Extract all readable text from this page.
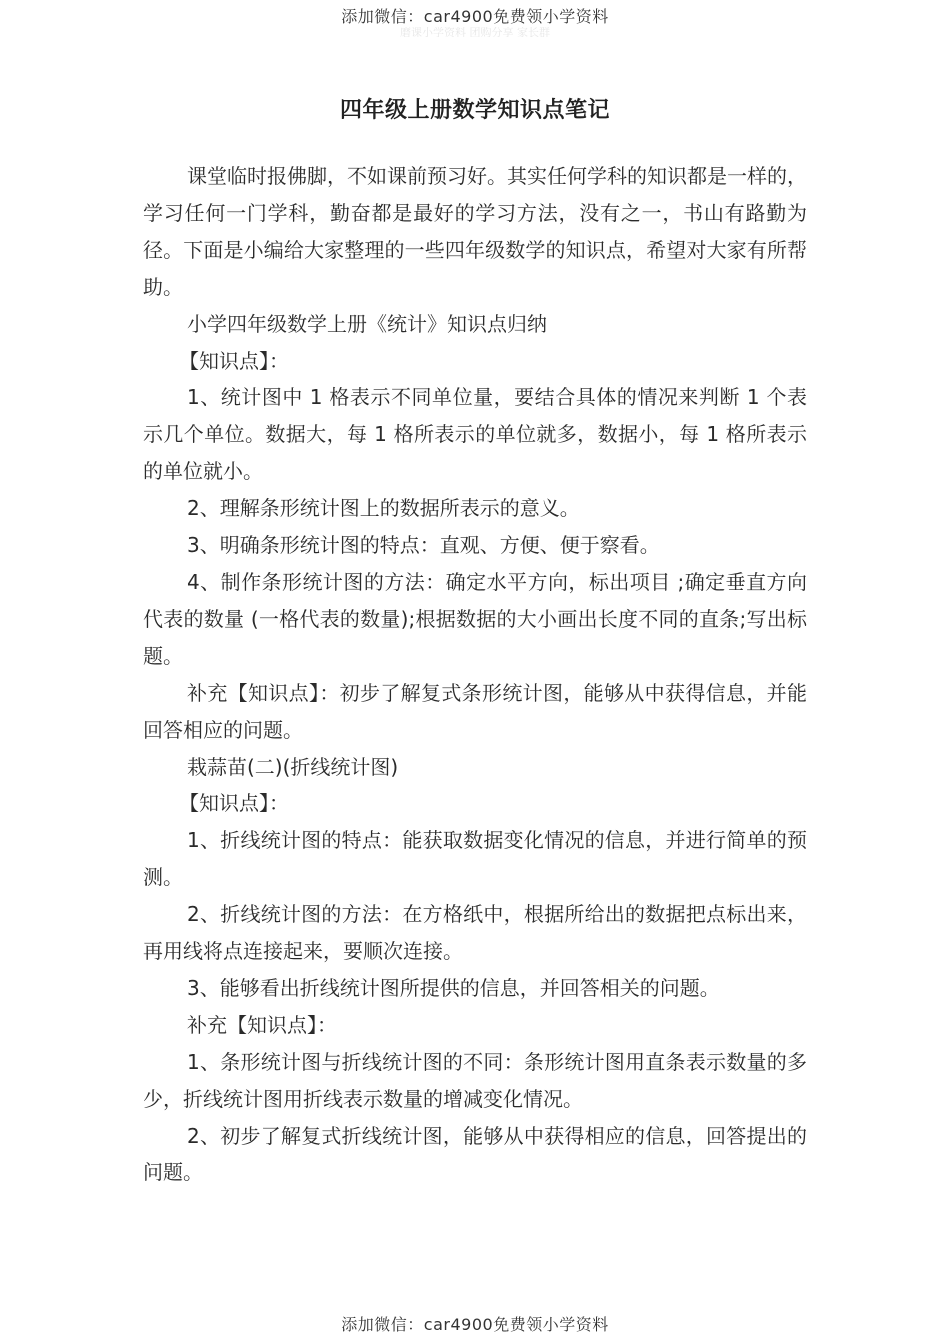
添加微信：car4900免费领小学资料
磨课小学资料 团购分享 家长群
四年级上册数学知识点笔记

课堂临时报佛脚，不如课前预习好。其实任何学科的知识都是一样的，学习任何一门学科，勤奋都是最好的学习方法，没有之一，书山有路勤为径。下面是小编给大家整理的一些四年级数学的知识点，希望对大家有所帮助。

小学四年级数学上册《统计》知识点归纳

【知识点】：

1、统计图中 1 格表示不同单位量，要结合具体的情况来判断 1 个表示几个单位。数据大，每 1 格所表示的单位就多，数据小，每 1 格所表示的单位就小。

2、理解条形统计图上的数据所表示的意义。

3、明确条形统计图的特点：直观、方便、便于察看。

4、制作条形统计图的方法：确定水平方向，标出项目 ;确定垂直方向代表的数量 (一格代表的数量);根据数据的大小画出长度不同的直条;写出标题。

补充【知识点】：初步了解复式条形统计图，能够从中获得信息，并能回答相应的问题。

栽蒜苗(二)(折线统计图)

【知识点】：

1、折线统计图的特点：能获取数据变化情况的信息，并进行简单的预测。

2、折线统计图的方法：在方格纸中，根据所给出的数据把点标出来，再用线将点连接起来，要顺次连接。

3、能够看出折线统计图所提供的信息，并回答相关的问题。

补充【知识点】：

1、条形统计图与折线统计图的不同：条形统计图用直条表示数量的多少，折线统计图用折线表示数量的增减变化情况。

2、初步了解复式折线统计图，能够从中获得相应的信息，回答提出的问题。

添加微信：car4900免费领小学资料
